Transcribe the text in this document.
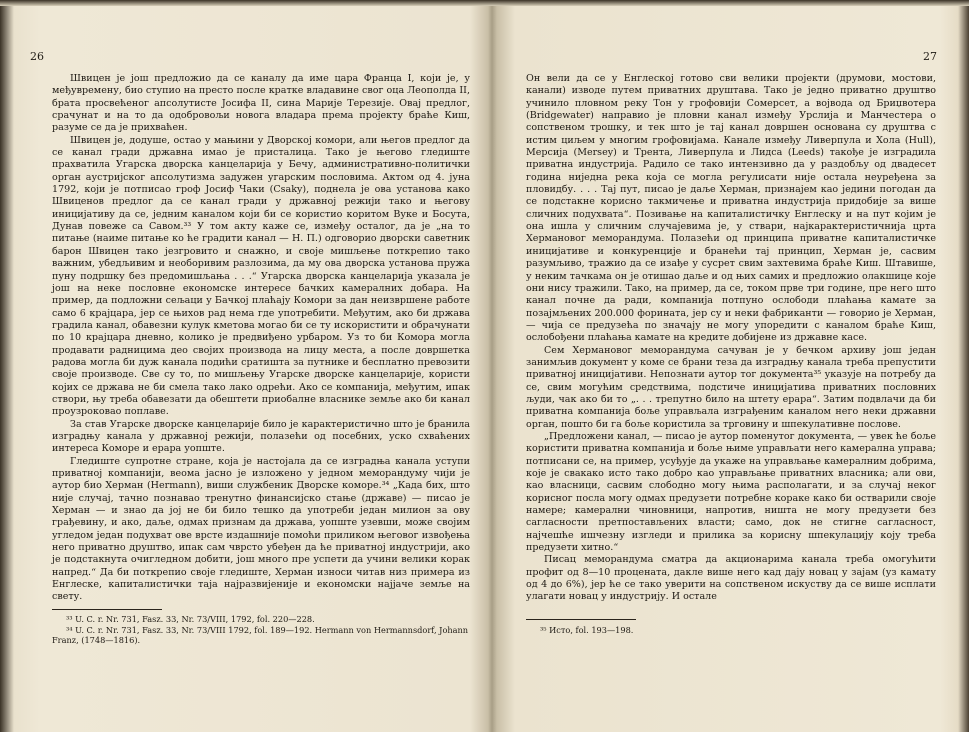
26

Швицен је још предложио да се каналу да име цара Франца I, који је, у међувремену, био ступио на престо после кратке владавине свог оца Леополда II, брата просвећеног апсолутисте Јосифа II, сина Марије Терезије. Овај предлог, срачунат и на то да одобровољи новога владара према пројекту браће Киш, разуме се да је прихваћен.

Швицен је, додуше, остао у мањини у Дворској комори, али његов предлог да се канал гради државна имао је присталица. Тако је његово гледиште прахватила Угарска дворска канцеларија у Бечу, административно-политички орган аустријског апсолутизма задужен угарским пословима. Актом од 4. јуна 1792, који је потписао гроф Јосиф Чаки (Csaky), поднела је ова установа како Швиценов предлог да се канал гради у државној режији тако и његову иницијативу да се, једним каналом који би се користио коритом Вуке и Босута, Дунав повеже са Савом.³³ У том акту каже се, између осталог, да је „на то питање (наиме питање ко ће градити канал — Н. П.) одговорио дворски саветник барон Швицен тако језгровито и снажно, и своје мишљење поткрепио тако важним, убедљивим и необоривим разлозима, да му ова дворска установа пружа пуну подршку без предомишљања . . .“ Угарска дворска канцеларија указала је још на неке пословне економске интересе бачких камералних добара. На пример, да подложни сељаци у Бачкој плаћају Комори за дан неизвршене работе само 6 крајцара, јер се њихов рад нема где употребити. Међутим, ако би држава градила канал, обавезни кулук кметова могао би се ту искористити и обрачунати по 10 крајцара дневно, колико је предвиђено урбаром. Уз то би Комора могла продавати радницима део својих производа на лицу места, а после довршетка радова могла би дуж канала подићи сратишта за путнике и бесплатно превозити своје производе. Све су то, по мишљењу Угарске дворске канцеларије, користи којих се држава не би смела тако лако одрећи. Ако се компанија, међутим, ипак створи, њу треба обавезати да обештети приобалне власнике земље ако би канал проузроковао поплаве.

За став Угарске дворске канцеларије било је карактеристично што је бранила изградњу канала у државној режији, полазећи од посебних, уско схваћених интереса Коморе и ерара уопште.

Гледиште супротне стране, која је настојала да се изградња канала уступи приватној компанији, веома јасно је изложено у једном меморандуму чији је аутор био Херман (Hermann), виши службеник Дворске коморе.³⁴ „Када бих, што није случај, тачно познавао тренутно финансијско стање (државе) — писао је Херман — и знао да јој не би било тешко да употреби један милион за ову грађевину, и ако, даље, одмах признам да држава, уопште узевши, може својим угледом један подухват ове врсте издашније помоћи приликом његовог извођења него приватно друштво, ипак сам чврсто убеђен да ће приватној индустрији, ако је подстакнута очигледном добити, још много пре успети да учини велики корак напред.“ Да би поткрепио своје гледиште, Херман износи читав низ примера из Енглеске, капиталистички таја најразвијеније и економски најјаче земље на свету.

³³ U. C. r. Nr. 731, Fasz. 33, Nr. 73/VIII, 1792, fol. 220—228.

³⁴ U. C. r. Nr. 731, Fasz. 33, Nr. 73/VIII 1792, fol. 189—192. Hermann von Hermannsdorf, Johann Franz, (1748—1816).

27

Он вели да се у Енглеској готово сви велики пројекти (друмови, мостови, канали) изводе путем приватних друштава. Тако је једно приватно друштво учинило пловном реку Тон у грофовији Сомерсет, а војвода од Бриџвотера (Bridgewater) направио је пловни канал између Урслија и Манчестера о сопственом трошку, и тек што је тај канал довршен основана су друштва с истим циљем у многим грофовијама. Канале између Ливерпула и Хола (Hull), Мерсија (Mersey) и Трента, Ливерпула и Лидса (Leeds) такође је изградила приватна индустрија. Радило се тако интензивно да у раздобљу од двадесет година ниједна река која се могла регулисати није остала неуређена за пловидбу. . . . Тај пут, писао је даље Херман, признајем као једини погодан да се подстакне корисно такмичење и приватна индустрија придобије за више сличних подухвата“. Позивање на капиталистичку Енглеску и на пут којим је она ишла у сличним случајевима је, у ствари, најкарактеристичнија црта Хермановог меморандума. Полазећи од принципа приватне капиталистичке иницијативе и конкуренције и бранећи тај принцип, Херман је, сасвим разумљиво, тражио да се изађе у сусрет свим захтевима браће Киш. Штавише, у неким тачкама он је отишао даље и од њих самих и предложио олакшице које они нису тражили. Тако, на пример, да се, током прве три године, пре него што канал почне да ради, компанија потпуно ослободи плаћања камате за позајмљених 200.000 форината, јер су и неки фабриканти — говорио је Херман, — чија се предузећа по значају не могу упоредити с каналом браће Киш, ослобођени плаћања камате на кредите добијене из државне касе.

Сем Хермановог меморандума сачуван је у бечком архиву још један занимљив документ у коме се брани теза да изградњу канала треба препустити приватној иницијативи. Непознати аутор тог документа³⁵ указује на потребу да се, свим могућим средствима, подстиче иницијатива приватних пословних људи, чак ако би то „. . . трепутно било на штету ерара“. Затим подвлачи да би приватна компанија боље управљала изграђеним каналом него неки државни орган, пошто би га боље користила за трговину и шпекулативне послове.

„Предложени канал, — писао је аутор поменутог документа, — увек ће боље користити приватна компанија и боље њиме управљати него камерална управа; потписани се, на пример, усуђује да укаже на управљање камералним добрима, које је свакако исто тако добро као управљање приватних власника; али ови, као власници, сасвим слободно могу њима располагати, и за случај неког корисног посла могу одмах предузети потребне кораке како би остварили своје намере; камерални чиновници, напротив, ништа не могу предузети без сагласности претпостављених власти; само, док не стигне сагласност, најчешће ишчезну изгледи и прилика за корисну шпекулацију коју треба предузети хитно.“

Писац меморандума сматра да акционарима канала треба омогућити профит од 8—10 процената, дакле више него кад дају новац у зајам (уз камату од 4 до 6%), јер ће се тако уверити на сопственом искуству да се више исплати улагати новац у индустрију. И остале

³⁵ Исто, fol. 193—198.
